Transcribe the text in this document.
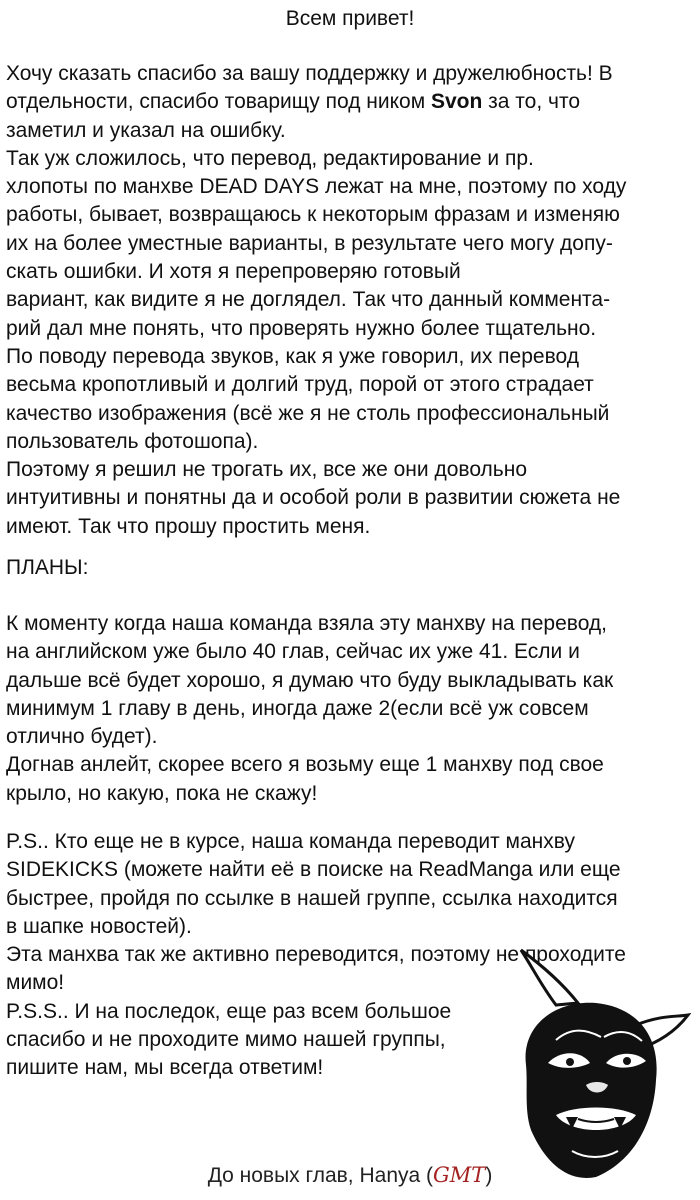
Всем привет!

Хочу сказать спасибо за вашу поддержку и дружелюбность! В
отдельности, спасибо товарищу под ником Svon за то, что
заметил и указал на ошибку.
Так уж сложилось, что перевод, редактирование и пр.
хлопоты по манхве DEAD DAYS лежат на мне, поэтому по ходу
работы, бывает, возвращаюсь к некоторым фразам и изменяю
их на более уместные варианты, в результате чего могу допу-
скать ошибки. И хотя я перепроверяю готовый
вариант, как видите я не доглядел. Так что данный коммента-
рий дал мне понять, что проверять нужно более тщательно.
По поводу перевода звуков, как я уже говорил, их перевод
весьма кропотливый и долгий труд, порой от этого страдает
качество изображения (всё же я не столь профессиональный
пользователь фотошопа).
Поэтому я решил не трогать их, все же они довольно
интуитивны и понятны да и особой роли в развитии сюжета не
имеют. Так что прошу простить меня.

ПЛАНЫ:

К моменту когда наша команда взяла эту манхву на перевод,
на английском уже было 40 глав, сейчас их уже 41. Если и
дальше всё будет хорошо, я думаю что буду выкладывать как
минимум 1 главу в день, иногда даже 2(если всё уж совсем
отлично будет).
Догнав анлейт, скорее всего я возьму еще 1 манхву под свое
крыло, но какую, пока не скажу!

P.S.. Кто еще не в курсе, наша команда переводит манхву
SIDEKICKS (можете найти её в поиске на ReadManga или еще
быстрее, пройдя по ссылке в нашей группе, ссылка находится
в шапке новостей).
Эта манхва так же активно переводится, поэтому не проходите
мимо!
P.S.S.. И на последок, еще раз всем большое
спасибо и не проходите мимо нашей группы,
пишите нам, мы всегда ответим!

До новых глав, Hanya (GMT)
